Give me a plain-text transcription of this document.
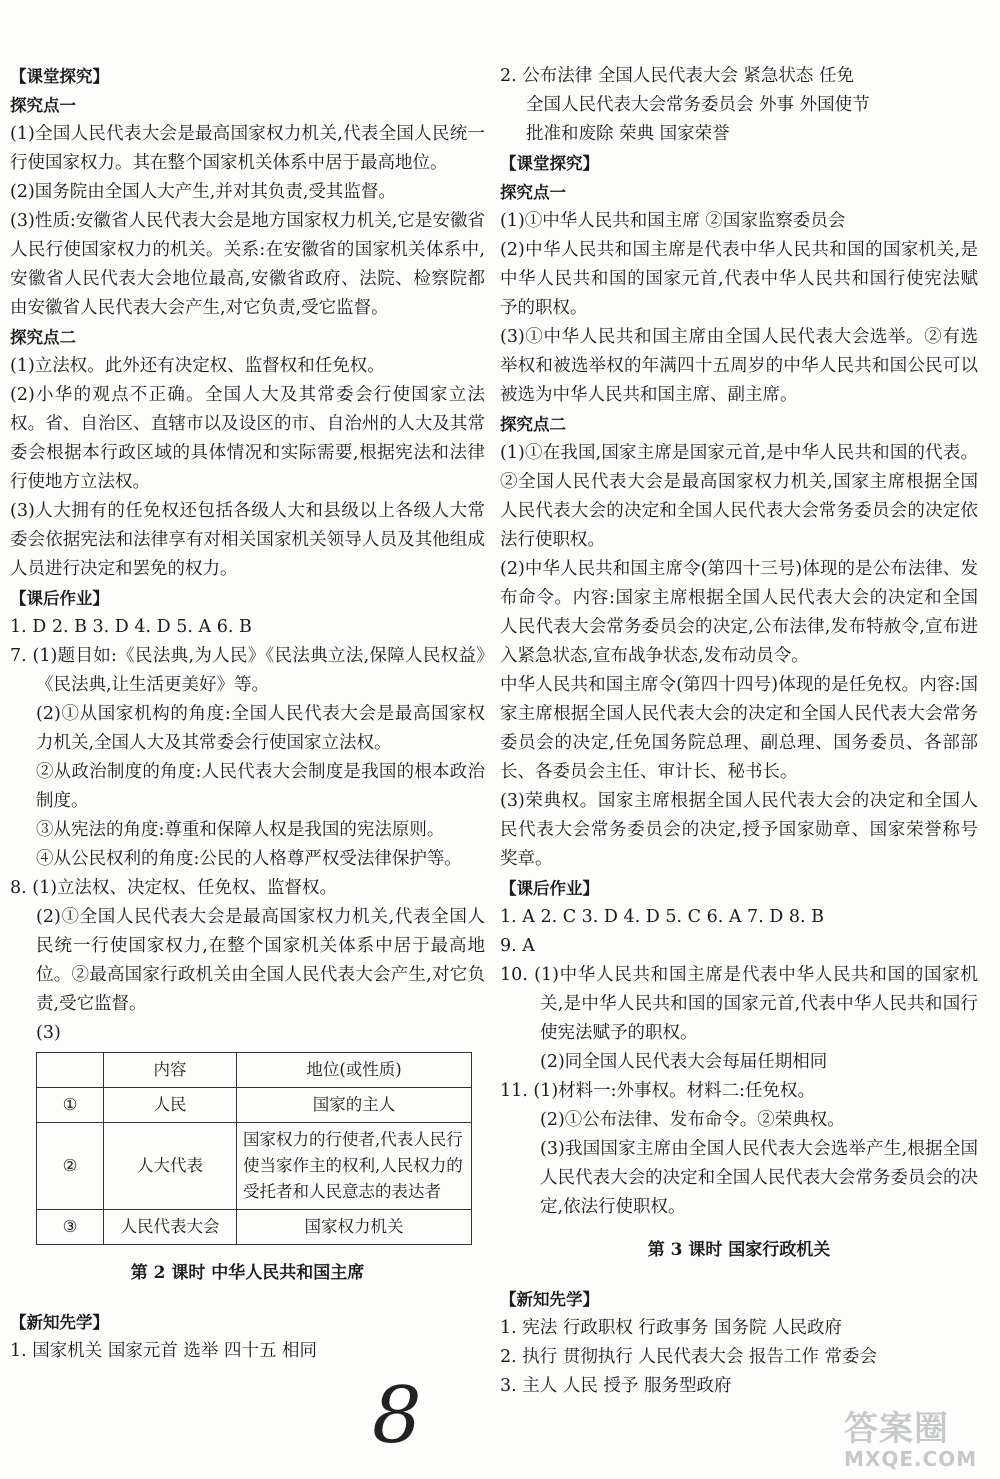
【课堂探究】

探究点一

(1)全国人民代表大会是最高国家权力机关,代表全国人民统一行使国家权力。其在整个国家机关体系中居于最高地位。

(2)国务院由全国人大产生,并对其负责,受其监督。

(3)性质:安徽省人民代表大会是地方国家权力机关,它是安徽省人民行使国家权力的机关。关系:在安徽省的国家机关体系中,安徽省人民代表大会地位最高,安徽省政府、法院、检察院都由安徽省人民代表大会产生,对它负责,受它监督。

探究点二

(1)立法权。此外还有决定权、监督权和任免权。

(2)小华的观点不正确。全国人大及其常委会行使国家立法权。省、自治区、直辖市以及设区的市、自治州的人大及其常委会根据本行政区域的具体情况和实际需要,根据宪法和法律行使地方立法权。

(3)人大拥有的任免权还包括各级人大和县级以上各级人大常委会依据宪法和法律享有对相关国家机关领导人员及其他组成人员进行决定和罢免的权力。

【课后作业】

1. D 2. B 3. D 4. D 5. A 6. B

7. (1)题目如:《民法典,为人民》《民法典立法,保障人民权益》《民法典,让生活更美好》等。

(2)①从国家机构的角度:全国人民代表大会是最高国家权力机关,全国人大及其常委会行使国家立法权。

②从政治制度的角度:人民代表大会制度是我国的根本政治制度。

③从宪法的角度:尊重和保障人权是我国的宪法原则。

④从公民权利的角度:公民的人格尊严权受法律保护等。

8. (1)立法权、决定权、任免权、监督权。

(2)①全国人民代表大会是最高国家权力机关,代表全国人民统一行使国家权力,在整个国家机关体系中居于最高地位。②最高国家行政机关由全国人民代表大会产生,对它负责,受它监督。

(3)

	内容	地位(或性质)
①	人民	国家的主人
②	人大代表	国家权力的行使者,代表人民行使当家作主的权利,人民权力的受托者和人民意志的表达者
③	人民代表大会	国家权力机关

第 2 课时 中华人民共和国主席

【新知先学】

1. 国家机关 国家元首 选举 四十五 相同

2. 公布法律 全国人民代表大会 紧急状态 任免

全国人民代表大会常务委员会 外事 外国使节

批准和废除 荣典 国家荣誉

【课堂探究】

探究点一

(1)①中华人民共和国主席 ②国家监察委员会

(2)中华人民共和国主席是代表中华人民共和国的国家机关,是中华人民共和国的国家元首,代表中华人民共和国行使宪法赋予的职权。

(3)①中华人民共和国主席由全国人民代表大会选举。②有选举权和被选举权的年满四十五周岁的中华人民共和国公民可以被选为中华人民共和国主席、副主席。

探究点二

(1)①在我国,国家主席是国家元首,是中华人民共和国的代表。②全国人民代表大会是最高国家权力机关,国家主席根据全国人民代表大会的决定和全国人民代表大会常务委员会的决定依法行使职权。

(2)中华人民共和国主席令(第四十三号)体现的是公布法律、发布命令。内容:国家主席根据全国人民代表大会的决定和全国人民代表大会常务委员会的决定,公布法律,发布特赦令,宣布进入紧急状态,宣布战争状态,发布动员令。

中华人民共和国主席令(第四十四号)体现的是任免权。内容:国家主席根据全国人民代表大会的决定和全国人民代表大会常务委员会的决定,任免国务院总理、副总理、国务委员、各部部长、各委员会主任、审计长、秘书长。

(3)荣典权。国家主席根据全国人民代表大会的决定和全国人民代表大会常务委员会的决定,授予国家勋章、国家荣誉称号奖章。

【课后作业】

1. A 2. C 3. D 4. D 5. C 6. A 7. D 8. B

9. A

10. (1)中华人民共和国主席是代表中华人民共和国的国家机关,是中华人民共和国的国家元首,代表中华人民共和国行使宪法赋予的职权。

(2)同全国人民代表大会每届任期相同

11. (1)材料一:外事权。材料二:任免权。

(2)①公布法律、发布命令。②荣典权。

(3)我国国家主席由全国人民代表大会选举产生,根据全国人民代表大会的决定和全国人民代表大会常务委员会的决定,依法行使职权。

第 3 课时 国家行政机关

【新知先学】

1. 宪法 行政职权 行政事务 国务院 人民政府

2. 执行 贯彻执行 人民代表大会 报告工作 常委会

3. 主人 人民 授予 服务型政府

8	答案圈
MXQE.COM
